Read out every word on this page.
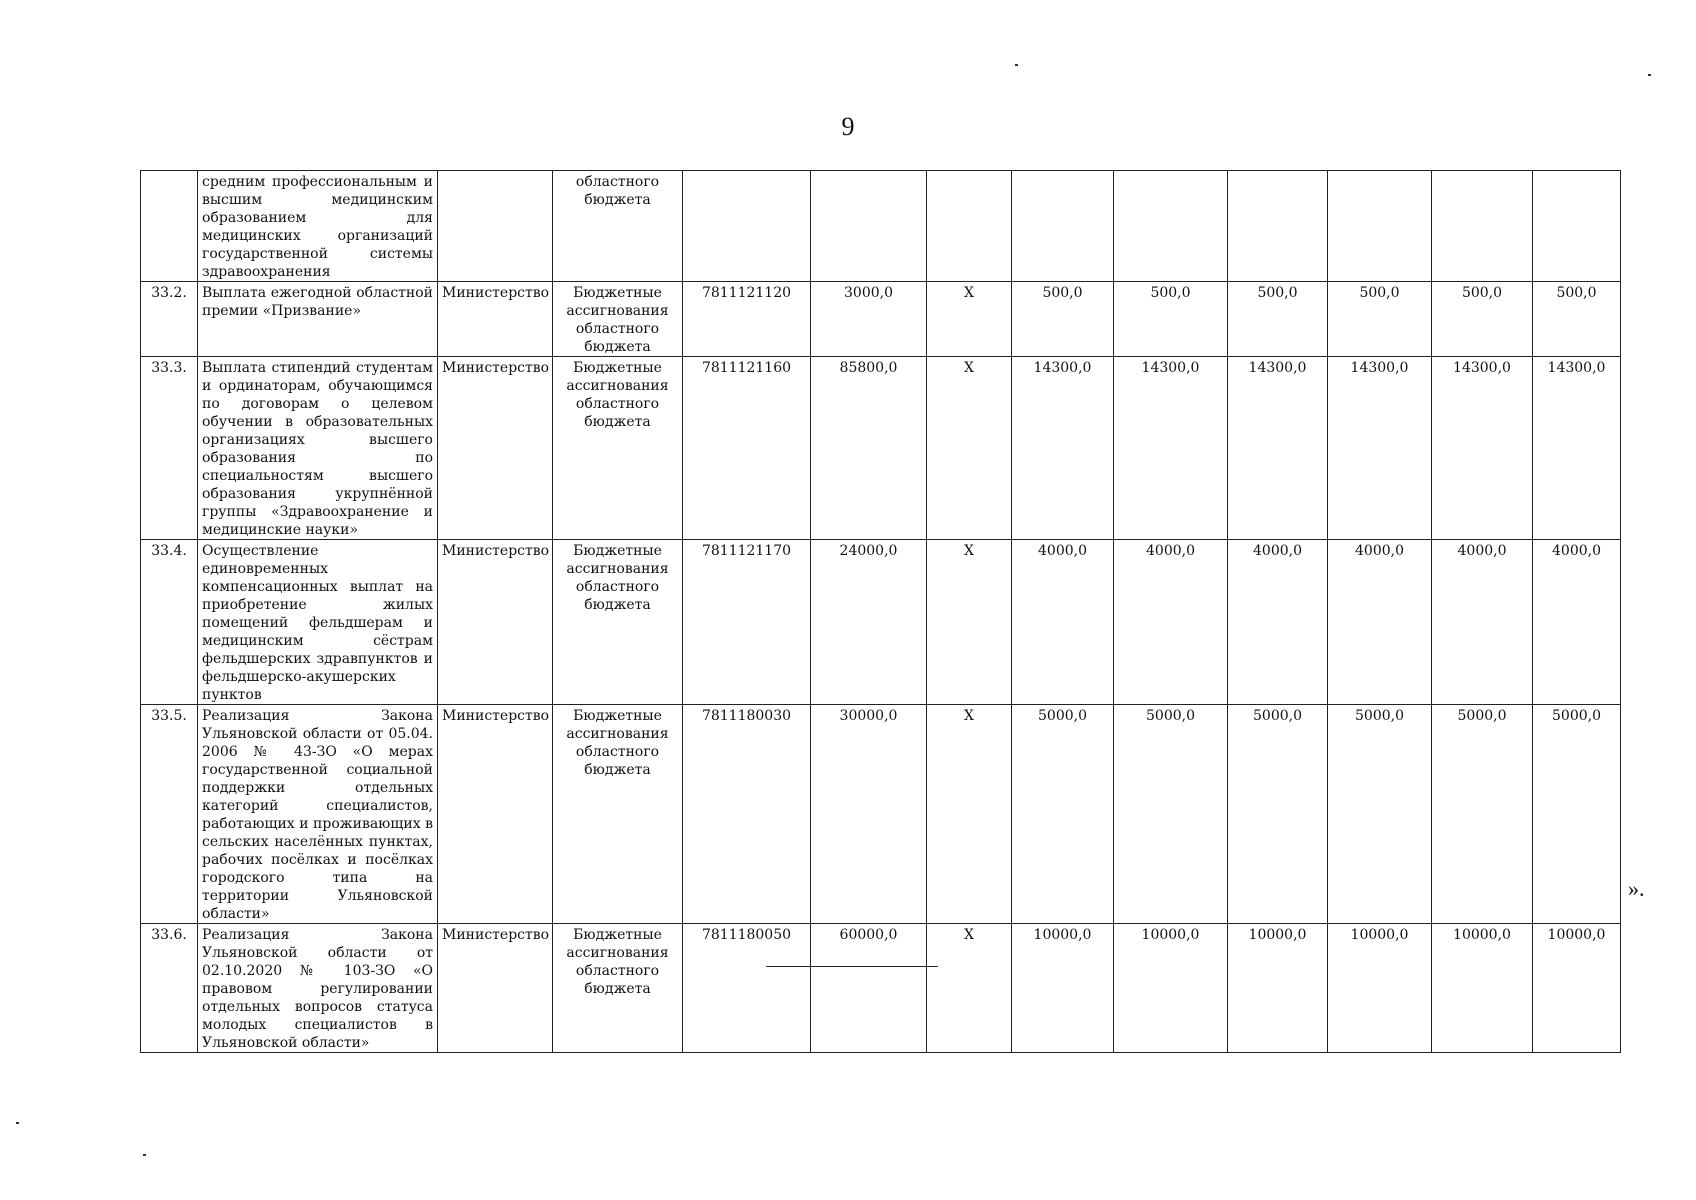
9
	средним профессиональным и высшим медицинским образованием для медицинских организаций государственной системы здравоохранения		областного бюджета									
33.2.	Выплата ежегодной областной премии «Призвание»	Министерство	Бюджетные ассигнования областного бюджета	7811121120	3000,0	Х	500,0	500,0	500,0	500,0	500,0	500,0
33.3.	Выплата стипендий студентам и ординаторам, обучающимся по договорам о целевом обучении в образовательных организациях высшего образования по специальностям высшего образования укрупнённой группы «Здравоохранение и медицинские науки»	Министерство	Бюджетные ассигнования областного бюджета	7811121160	85800,0	Х	14300,0	14300,0	14300,0	14300,0	14300,0	14300,0
33.4.	Осуществление единовременных компенсационных выплат на приобретение жилых помещений фельдшерам и медицинским сёстрам фельдшерских здравпунктов и фельдшерско-акушерских пунктов	Министерство	Бюджетные ассигнования областного бюджета	7811121170	24000,0	Х	4000,0	4000,0	4000,0	4000,0	4000,0	4000,0
33.5.	Реализация Закона Ульяновской области от 05.04. 2006 № 43-ЗО «О мерах государственной социальной поддержки отдельных категорий специалистов, работающих и проживающих в сельских населённых пунктах, рабочих посёлках и посёлках городского типа на территории Ульяновской области»	Министерство	Бюджетные ассигнования областного бюджета	7811180030	30000,0	Х	5000,0	5000,0	5000,0	5000,0	5000,0	5000,0
33.6.	Реализация Закона Ульяновской области от 02.10.2020 № 103-ЗО «О правовом регулировании отдельных вопросов статуса молодых специалистов в Ульяновской области»	Министерство	Бюджетные ассигнования областного бюджета	7811180050	60000,0	Х	10000,0	10000,0	10000,0	10000,0	10000,0	10000,0
».
